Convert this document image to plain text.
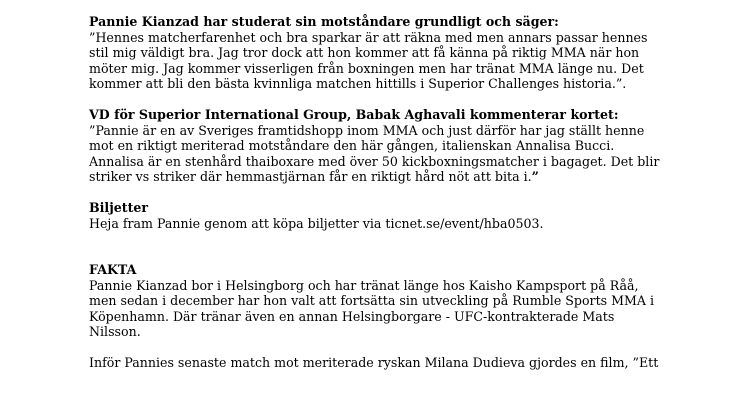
Pannie Kianzad har studerat sin motståndare grundligt och säger:
”Hennes matcherfarenhet och bra sparkar är att räkna med men annars passar hennes
stil mig väldigt bra. Jag tror dock att hon kommer att få känna på riktig MMA när hon
möter mig. Jag kommer visserligen från boxningen men har tränat MMA länge nu. Det
kommer att bli den bästa kvinnliga matchen hittills i Superior Challenges historia.”.
VD för Superior International Group, Babak Aghavali kommenterar kortet:
”Pannie är en av Sveriges framtidshopp inom MMA och just därför har jag ställt henne
mot en riktigt meriterad motståndare den här gången, italienskan Annalisa Bucci.
Annalisa är en stenhård thaiboxare med över 50 kickboxningsmatcher i bagaget. Det blir
striker vs striker där hemmastjärnan får en riktigt hård nöt att bita i.”
Biljetter
Heja fram Pannie genom att köpa biljetter via ticnet.se/event/hba0503.
FAKTA
Pannie Kianzad bor i Helsingborg och har tränat länge hos Kaisho Kampsport på Råå,
men sedan i december har hon valt att fortsätta sin utveckling på Rumble Sports MMA i
Köpenhamn. Där tränar även en annan Helsingborgare - UFC-kontrakterade Mats
Nilsson.
Inför Pannies senaste match mot meriterade ryskan Milana Dudieva gjordes en film, ”Ett
